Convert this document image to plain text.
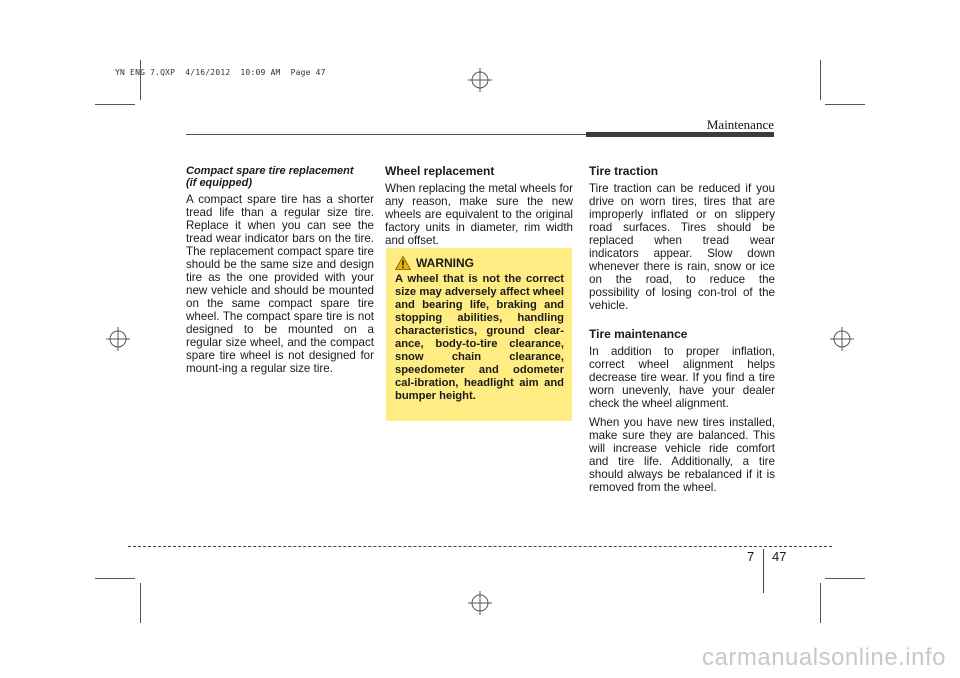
YN ENG 7.QXP  4/16/2012  10:09 AM  Page 47
Maintenance
Compact spare tire replacement
(if equipped)

A compact spare tire has a shorter tread life than a regular size tire. Replace it when you can see the tread wear indicator bars on the tire. The replacement compact spare tire should be the same size and design tire as the one provided with your new vehicle and should be mounted on the same compact spare tire wheel. The compact spare tire is not designed to be mounted on a regular size wheel, and the compact spare tire wheel is not designed for mount-ing a regular size tire.

Wheel replacement

When replacing the metal wheels for any reason, make sure the new wheels are equivalent to the original factory units in diameter, rim width and offset.

WARNING

A wheel that is not the correct size may adversely affect wheel and bearing life, braking and stopping abilities, handling characteristics, ground clear-ance, body-to-tire clearance, snow chain clearance, speedometer and odometer cal-ibration, headlight aim and bumper height.

Tire traction

Tire traction can be reduced if you drive on worn tires, tires that are improperly inflated or on slippery road surfaces. Tires should be replaced when tread wear indicators appear. Slow down whenever there is rain, snow or ice on the road, to reduce the possibility of losing con-trol of the vehicle.

Tire maintenance

In addition to proper inflation, correct wheel alignment helps decrease tire wear. If you find a tire worn unevenly, have your dealer check the wheel alignment.

When you have new tires installed, make sure they are balanced. This will increase vehicle ride comfort and tire life. Additionally, a tire should always be rebalanced if it is removed from the wheel.

7 47
carmanualsonline.info
